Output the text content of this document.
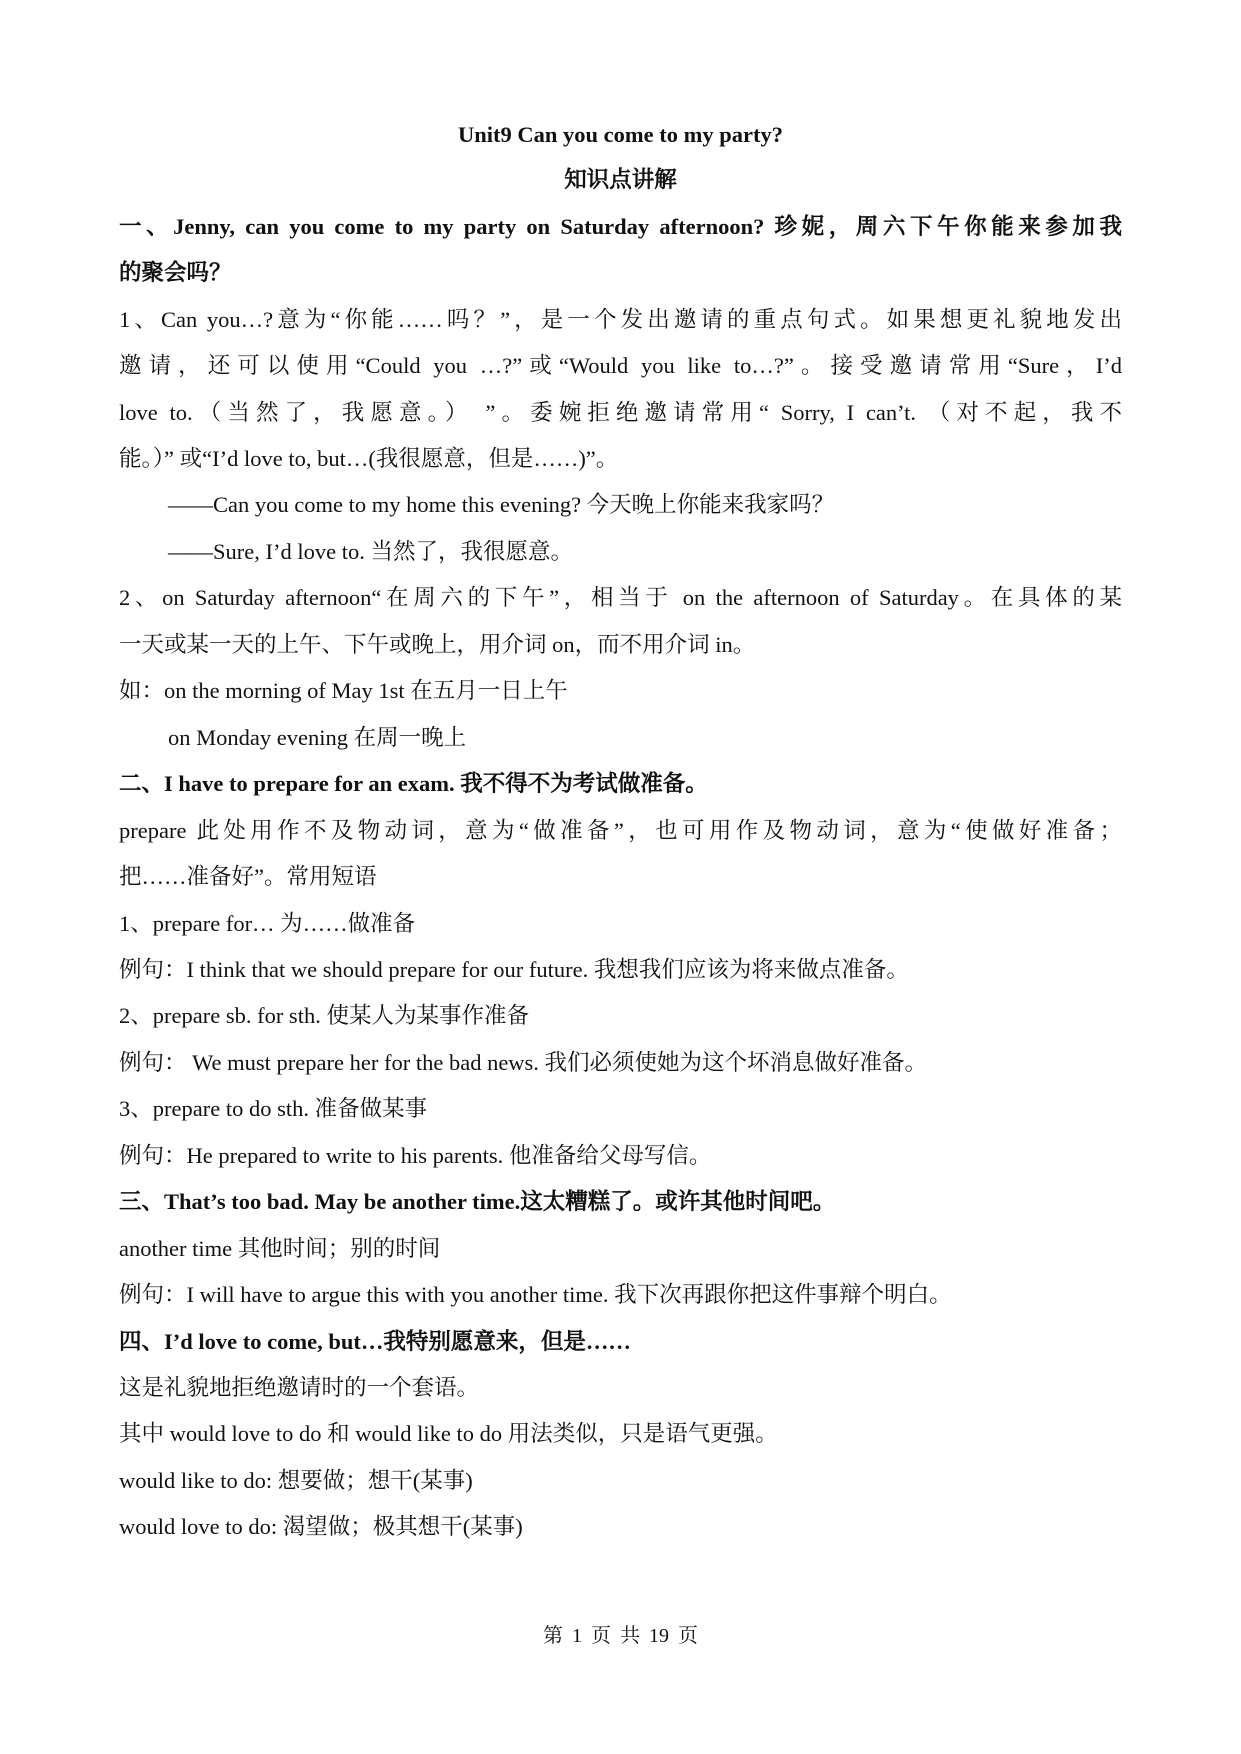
Unit9 Can you come to my party?
知识点讲解
一、Jenny, can you come to my party on Saturday afternoon? 珍妮，周六下午你能来参加我
的聚会吗？
1、Can you…?意为“你能……吗？”，是一个发出邀请的重点句式。如果想更礼貌地发出
邀请，还可以使用“Could you …?”或“Would you like to…?”。接受邀请常用“Sure，I’d
love to.（当然了，我愿意。） ”。委婉拒绝邀请常用“ Sorry, I can’t. （对不起，我不
能。）” 或“I’d love to, but…(我很愿意，但是……)”。
——Can you come to my home this evening? 今天晚上你能来我家吗？
——Sure, I’d love to. 当然了，我很愿意。
2、on Saturday afternoon“在周六的下午”，相当于 on the afternoon of Saturday。在具体的某
一天或某一天的上午、下午或晚上，用介词 on，而不用介词 in。
如：on the morning of May 1st 在五月一日上午
on Monday evening 在周一晚上
二、I have to prepare for an exam. 我不得不为考试做准备。
prepare 此处用作不及物动词，意为“做准备”，也可用作及物动词，意为“使做好准备；
把……准备好”。常用短语
1、prepare for… 为……做准备
例句：I think that we should prepare for our future. 我想我们应该为将来做点准备。
2、prepare sb. for sth. 使某人为某事作准备
例句： We must prepare her for the bad news. 我们必须使她为这个坏消息做好准备。
3、prepare to do sth. 准备做某事
例句：He prepared to write to his parents. 他准备给父母写信。
三、That’s too bad. May be another time.这太糟糕了。或许其他时间吧。
another time 其他时间；别的时间
例句：I will have to argue this with you another time. 我下次再跟你把这件事辩个明白。
四、I’d love to come, but…我特别愿意来，但是……
这是礼貌地拒绝邀请时的一个套语。
其中 would love to do 和 would like to do 用法类似，只是语气更强。
would like to do: 想要做；想干(某事)
would love to do: 渴望做；极其想干(某事)
第 1 页 共 19 页
